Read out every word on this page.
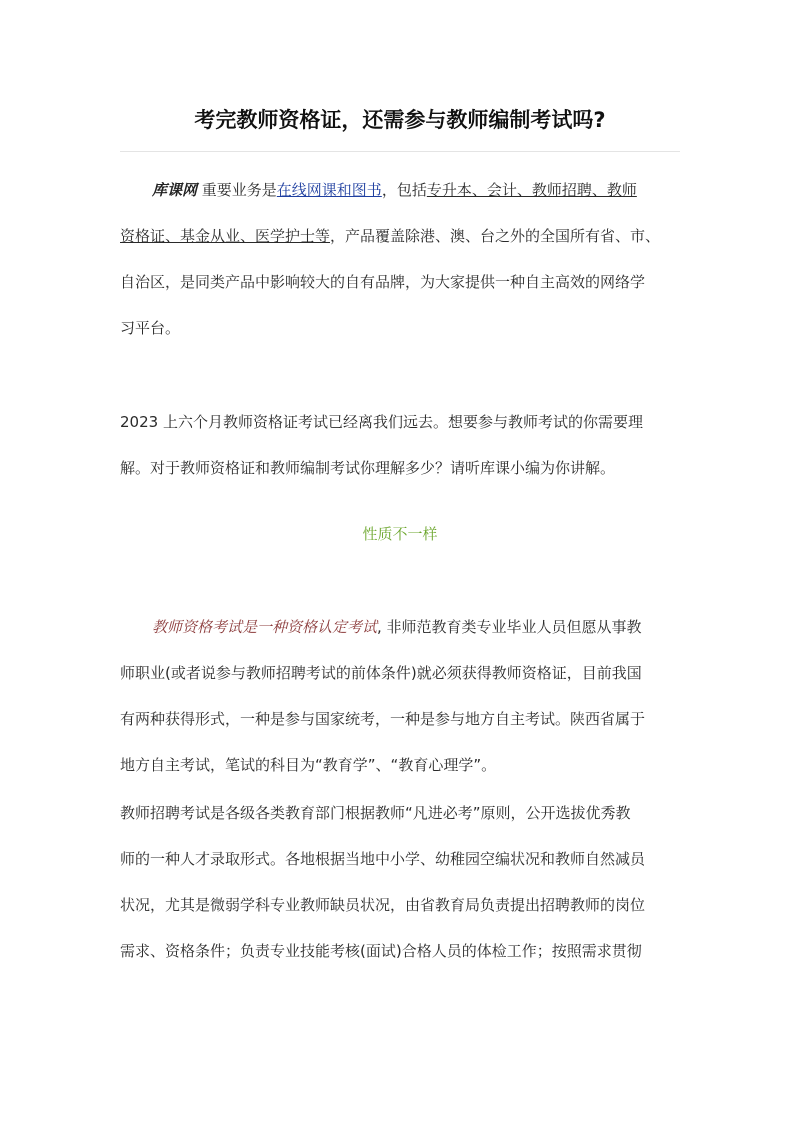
考完教师资格证，还需参与教师编制考试吗?
库课网 重要业务是在线网课和图书，包括专升本、会计、教师招聘、教师
资格证、基金从业、医学护士等，产品覆盖除港、澳、台之外的全国所有省、市、
自治区，是同类产品中影响较大的自有品牌，为大家提供一种自主高效的网络学
习平台。
2023 上六个月教师资格证考试已经离我们远去。想要参与教师考试的你需要理
解。对于教师资格证和教师编制考试你理解多少？请听库课小编为你讲解。
性质不一样
教师资格考试是一种资格认定考试, 非师范教育类专业毕业人员但愿从事教
师职业(或者说参与教师招聘考试的前体条件)就必须获得教师资格证，目前我国
有两种获得形式，一种是参与国家统考，一种是参与地方自主考试。陕西省属于
地方自主考试，笔试的科目为“教育学”、“教育心理学”。
教师招聘考试是各级各类教育部门根据教师“凡进必考”原则，公开选拔优秀教
师的一种人才录取形式。各地根据当地中小学、幼稚园空编状况和教师自然减员
状况，尤其是微弱学科专业教师缺员状况，由省教育局负责提出招聘教师的岗位
需求、资格条件；负责专业技能考核(面试)合格人员的体检工作；按照需求贯彻
